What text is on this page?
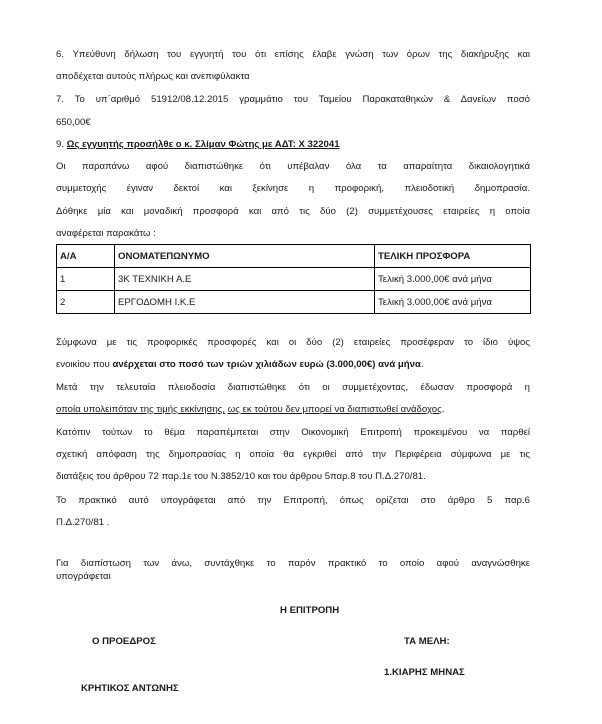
6. Υπεύθυνη δήλωση του εγγυητή του ότι επίσης έλαβε γνώση των όρων της διακήρυξης και

αποδέχεται αυτούς πλήρως και ανεπιφύλακτα

7. Το υπ΄αριθμό 51912/08.12.2015 γραμμάτιο του Ταμείου Παρακαταθηκών & Δανείων ποσό

650,00€

9. Ως εγγυητής προσήλθε ο κ. Σλίμαν Φώτης με ΑΔΤ: Χ 322041

Οι παραπάνω αφού διαπιστώθηκε ότι υπέβαλαν όλα τα απαραίτητα δικαιολογητικά

συμμετοχής έγιναν δεκτοί και ξεκίνησε η προφορική, πλειοδοτική δημοπρασία.

Δόθηκε μία και μοναδική προσφορά και από τις δύο (2) συμμετέχουσες εταιρείες η οποία

αναφέρεται παρακάτω :

Α/Α	ΟΝΟΜΑΤΕΠΩΝΥΜΟ	ΤΕΛΙΚΗ ΠΡΟΣΦΟΡΑ
1	3Κ ΤΕΧΝΙΚΗ Α.Ε	Τελική 3.000,00€ ανά μήνα
2	ΕΡΓΟΔΟΜΗ Ι.Κ.Ε	Τελική 3.000,00€ ανά μήνα

Σύμφωνα με τις προφορικές προσφορές και οι δύο (2) εταιρείες προσέφεραν το ίδιο ύψος

ενοικίου που ανέρχεται στο ποσό των τριών χιλιάδων ευρώ (3.000,00€) ανά μήνα.

Μετά την τελευταία πλειοδοσία διαπιστώθηκε ότι οι συμμετέχοντας, έδωσαν προσφορά η

οποία υπολειπόταν της τιμής εκκίνησης, ως εκ τούτου δεν μπορεί να διαπιστωθεί ανάδοχος.

Κατόπιν τούτων το θέμα παραπέμπεται στην Οικονομική Επιτροπή προκειμένου να παρθεί

σχετική απόφαση της δημοπρασίας η οποία θα εγκριθεί από την Περιφέρεια σύμφωνα με τις

διατάξεις του άρθρου 72 παρ.1ε του Ν.3852/10 και του άρθρου 5παρ.8 του Π.Δ.270/81.

Το πρακτικό αυτό υπογράφεται από την Επιτροπή, όπως ορίζεται στο άρθρο 5 παρ.6

Π.Δ.270/81 .

Για διαπίστωση των άνω, συντάχθηκε το παρόν πρακτικό το οποίο αφού αναγνώσθηκε

υπογράφεται

Η ΕΠΙΤΡΟΠΗ
Ο ΠΡΟΕΔΡΟΣ	ΤΑ ΜΕΛΗ:
1.ΚΙΑΡΗΣ ΜΗΝΑΣ
ΚΡΗΤΙΚΟΣ ΑΝΤΩΝΗΣ
